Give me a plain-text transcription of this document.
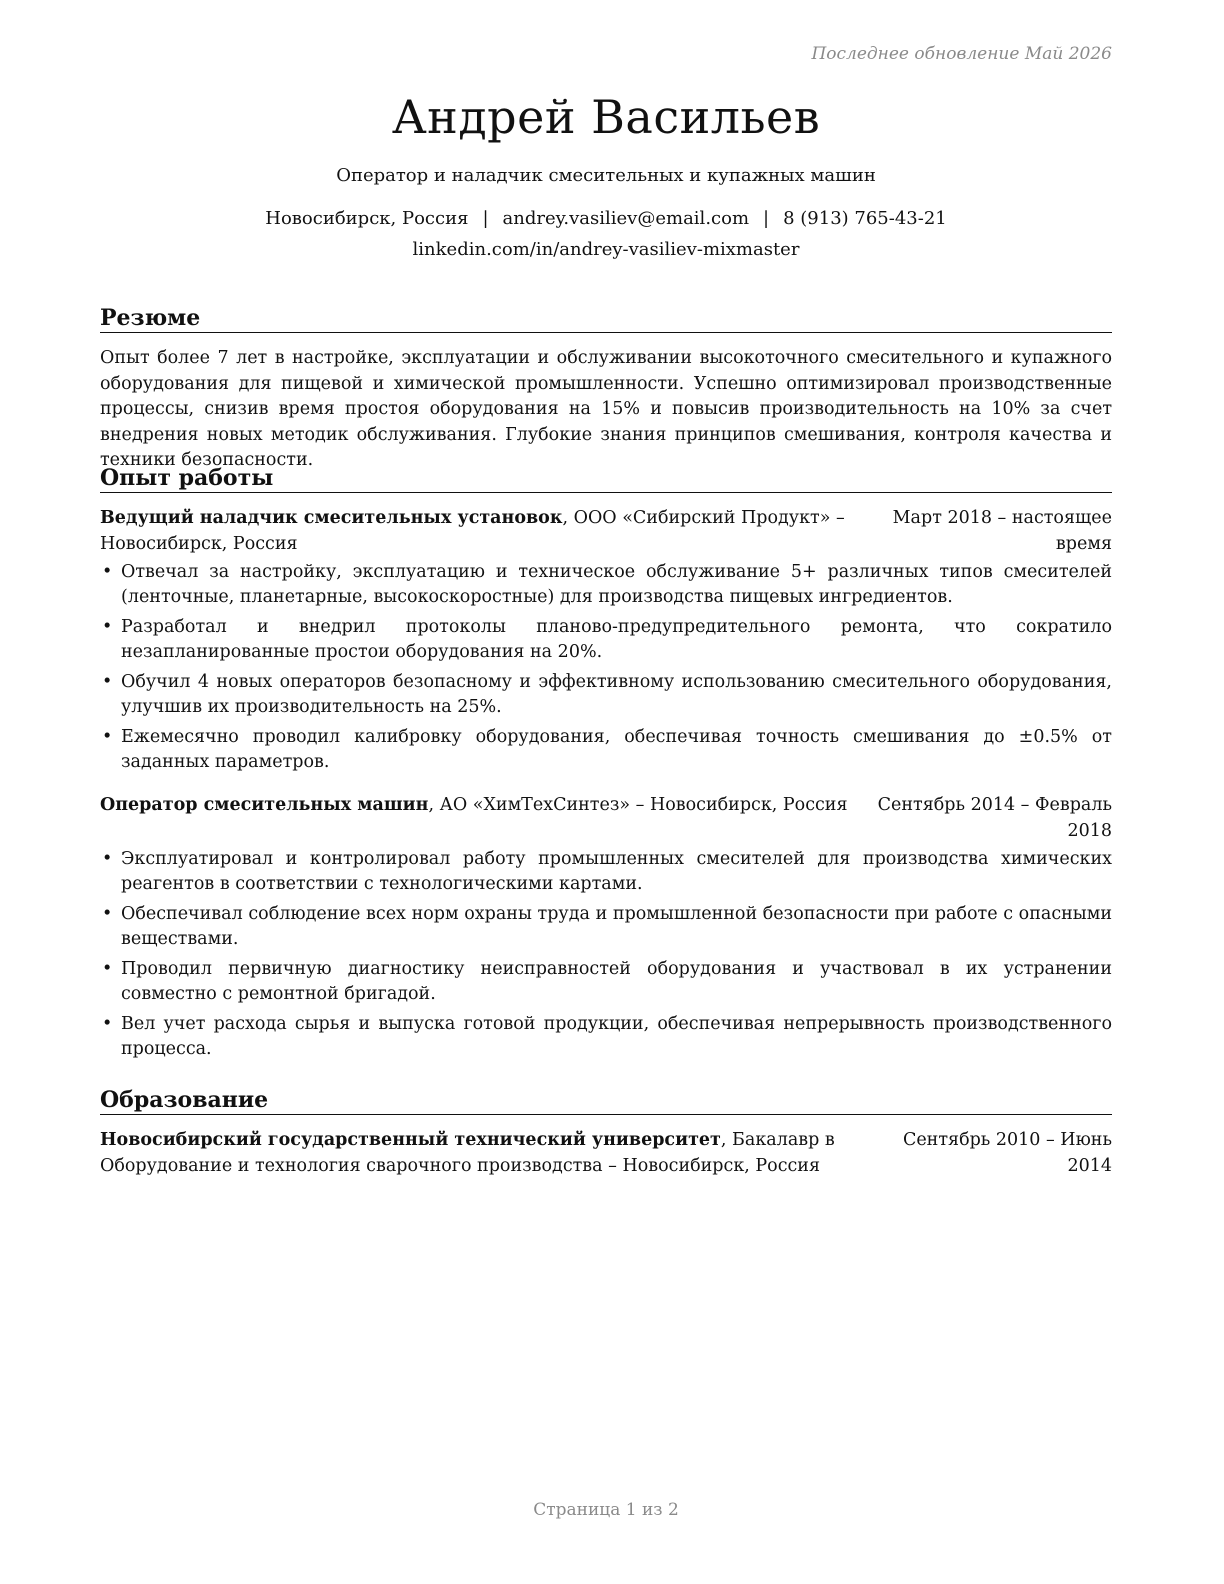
Последнее обновление Май 2026
Андрей Васильев
Оператор и наладчик смесительных и купажных машин
Новосибирск, Россия | andrey.vasiliev@email.com | 8 (913) 765-43-21
linkedin.com/in/andrey-vasiliev-mixmaster
Резюме

Опыт более 7 лет в настройке, эксплуатации и обслуживании высокоточного смесительного и купажного оборудования для пищевой и химической промышленности. Успешно оптимизировал производственные процессы, снизив время простоя оборудования на 15% и повысив производительность на 10% за счет внедрения новых методик обслуживания. Глубокие знания принципов смешивания, контроля качества и техники безопасности.

Опыт работы
Ведущий наладчик смесительных установок, ООО «Сибирский Продукт» – Новосибирск, Россия
Март 2018 – настоящее время
• Отвечал за настройку, эксплуатацию и техническое обслуживание 5+ различных типов смесителей (ленточные, планетарные, высокоскоростные) для производства пищевых ингредиентов.
• Разработал и внедрил протоколы планово-предупредительного ремонта, что сократило незапланированные простои оборудования на 20%.
• Обучил 4 новых операторов безопасному и эффективному использованию смесительного оборудования, улучшив их производительность на 25%.
• Ежемесячно проводил калибровку оборудования, обеспечивая точность смешивания до ±0.5% от заданных параметров.
Оператор смесительных машин, АО «ХимТехСинтез» – Новосибирск, Россия	Сентябрь 2014 – Февраль 2018
• Эксплуатировал и контролировал работу промышленных смесителей для производства химических реагентов в соответствии с технологическими картами.
• Обеспечивал соблюдение всех норм охраны труда и промышленной безопасности при работе с опасными веществами.
• Проводил первичную диагностику неисправностей оборудования и участвовал в их устранении совместно с ремонтной бригадой.
• Вел учет расхода сырья и выпуска готовой продукции, обеспечивая непрерывность производственного процесса.
Образование
Новосибирский государственный технический университет, Бакалавр в Оборудование и технология сварочного производства – Новосибирск, Россия
Сентябрь 2010 – Июнь 2014
Страница 1 из 2
